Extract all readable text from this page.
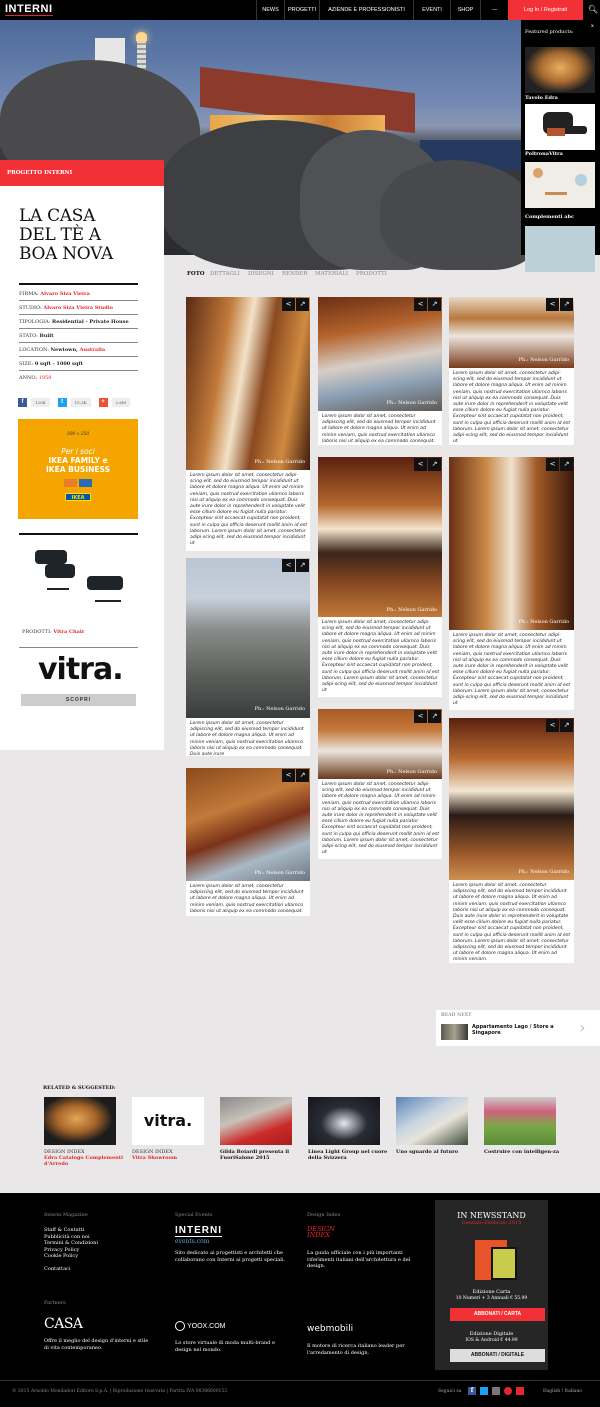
INTERNI	NEWS	PROGETTI	AZIENDE E PROFESSIONISTI	EVENTI	SHOP	—	Log In / Registrati	🔍︎
Featured products:
x
Tavolo Edra
PoltronaVitra
Complementi abc
PROGETTO INTERNI
LA CASA
DEL TÈ A
BOA NOVA
FIRMA: Alvaro Siza Vieira
STUDIO: Alvaro Siza Vieira Studio
TIPOLOGIA: Residential - Private House
STATO: Built
LOCATION: Newtown, Australia
SIZE: 0 sqft - 1000 sqft
ANNO: 1958
f	120K	t	15,3K	+	2.6M
300 x 250
Per i soci
IKEA FAMILY e
IKEA BUSINESS
IKEA
PRODOTTI: Vitra Chair
vitra.
SCOPRI
FOTO DETTAGLI DISEGNI RENDER MATERIALI PRODOTTI
Ph.: Nelson Garrido
Lorem ipsum dolor sit amet, consectetur adipi-scing elit, sed do eiusmod tempor incididunt ut labore et dolore magna aliqua. Ut enim ad minim veniam, quis nostrud exercitation ullamco laboris nisi ut aliquip ex ea commodo consequat. Duis aute irure dolor in reprehenderit in voluptate velit esse cillum dolore eu fugiat nulla pariatur. Excepteur sint occaecat cupidatat non proident, sunt in culpa qui officia deserunt mollit anim id est laborum. Lorem ipsum dolor sit amet, consectetur adipi-scing elit, sed do eiusmod tempor incididunt ut
<	↗
Ph.: Nelson Garrido
Lorem ipsum dolor sit amet, consectetur adipiscing elit, sed do eiusmod tempor incididunt ut labore et dolore magna aliqua. Ut enim ad minim veniam, quis nostrud exercitation ullamco laboris nisi ut aliquip ex ea commodo consequat. Duis aute irure
<	↗
Ph.: Nelson Garrido
Lorem ipsum dolor sit amet, consectetur adipiscing elit, sed do eiusmod tempor incididunt ut labore et dolore magna aliqua. Ut enim ad minim veniam, quis nostrud exercitation ullamco laboris nisi ut aliquip ex ea commodo consequat.
<	↗
Ph.: Nelson Garrido
Lorem ipsum dolor sit amet, consectetur adipiscing elit, sed do eiusmod tempor incididunt ut labore et dolore magna aliqua. Ut enim ad minim veniam, quis nostrud exercitation ullamco laboris nisi ut aliquip ex ea commodo consequat.
<	↗
Ph.: Nelson Garrido
Lorem ipsum dolor sit amet, consectetur adipi-scing elit, sed do eiusmod tempor incididunt ut labore et dolore magna aliqua. Ut enim ad minim veniam, quis nostrud exercitation ullamco laboris nisi ut aliquip ex ea commodo consequat. Duis aute irure dolor in reprehenderit in voluptate velit esse cillum dolore eu fugiat nulla pariatur. Excepteur sint occaecat cupidatat non proident, sunt in culpa qui officia deserunt mollit anim id est laborum. Lorem ipsum dolor sit amet, consectetur adipi-scing elit, sed do eiusmod tempor incididunt ut
<	↗
Ph.: Nelson Garrido
Lorem ipsum dolor sit amet, consectetur adipi-scing elit, sed do eiusmod tempor incididunt ut labore et dolore magna aliqua. Ut enim ad minim veniam, quis nostrud exercitation ullamco laboris nisi ut aliquip ex ea commodo consequat. Duis aute irure dolor in reprehenderit in voluptate velit esse cillum dolore eu fugiat nulla pariatur. Excepteur sint occaecat cupidatat non proident, sunt in culpa qui officia deserunt mollit anim id est laborum. Lorem ipsum dolor sit amet, consectetur adipi-scing elit, sed do eiusmod tempor incididunt ut
<	↗
Ph.: Nelson Garrido
Lorem ipsum dolor sit amet, consectetur adipi-scing elit, sed do eiusmod tempor incididunt ut labore et dolore magna aliqua. Ut enim ad minim veniam, quis nostrud exercitation ullamco laboris nisi ut aliquip ex ea commodo consequat. Duis aute irure dolor in reprehenderit in voluptate velit esse cillum dolore eu fugiat nulla pariatur. Excepteur sint occaecat cupidatat non proident, sunt in culpa qui officia deserunt mollit anim id est laborum. Lorem ipsum dolor sit amet, consectetur adipi-scing elit, sed do eiusmod tempor incididunt ut
<	↗
Ph.: Nelson Garrido
Lorem ipsum dolor sit amet, consectetur adipi-scing elit, sed do eiusmod tempor incididunt ut labore et dolore magna aliqua. Ut enim ad minim veniam, quis nostrud exercitation ullamco laboris nisi ut aliquip ex ea commodo consequat. Duis aute irure dolor in reprehenderit in voluptate velit esse cillum dolore eu fugiat nulla pariatur. Excepteur sint occaecat cupidatat non proident, sunt in culpa qui officia deserunt mollit anim id est laborum. Lorem ipsum dolor sit amet, consectetur adipi-scing elit, sed do eiusmod tempor incididunt ut
<	↗
Ph.: Nelson Garrido
Lorem ipsum dolor sit amet, consectetur adipiscing elit, sed do eiusmod tempor incididunt ut labore et dolore magna aliqua. Ut enim ad minim veniam, quis nostrud exercitation ullamco laboris nisi ut aliquip ex ea commodo consequat. Duis aute irure dolor in reprehenderit in voluptate velit esse cillum dolore eu fugiat nulla pariatur. Excepteur sint occaecat cupidatat non proident, sunt in culpa qui officia deserunt mollit anim id est laborum. Lorem ipsum dolor sit amet, consectetur adipiscing elit, sed do eiusmod tempor incididunt ut labore et dolore magna aliqua. Ut enim ad minim veniam.
<	↗
READ NEXT
Appartamento Lago / Store a Singapore	›
RELATED & SUGGESTED:
vitra.
DESIGN INDEX
Edra Catalogo Complementi d'Arredo
DESIGN INDEX
Vitra Showroom
Gilda Boiardi presenta il FuoriSalone 2015
Linea Light Group nel cuore della Svizzera
Uno sguardo al futuro	Costruire con intelligen-za
Interni Magazine
Staff & Contatti
Pubblicità con noi
Termini & Condizioni
Privacy Policy
Cookie Policy
Contattaci
Special Events
INTERNI
events.com
Sito dedicato ai progettisti e architetti che collaborano con Interni ai progetti speciali.
Design Index
DESIGN INDEX
La guida ufficiale con i più importanti riferimenti italiani dell'architettura e del design.
Partners
CASA
Offre il meglio del design d'interni e stile di vita contemporaneo.
YOOX.COM
Lo store virtuale di moda multi-brand e design nel mondo.
webmobili
Il motore di ricerca italiano leader per l'arredamento di design.
IN NEWSSTAND
Gennaio-Febbraio 2015
Edizione Carta
10 Numeri + 3 Annuali € 55.99
ABBONATI / CARTA
Edizione Digitale
IOS & Android € 44.99
ABBONATI / DIGITALE
© 2015 Arnoldo Mondadori Editore S.p.A. | Riproduzione riservata | Partita IVA 08386600152	Seguici su	f	English / Italiano
